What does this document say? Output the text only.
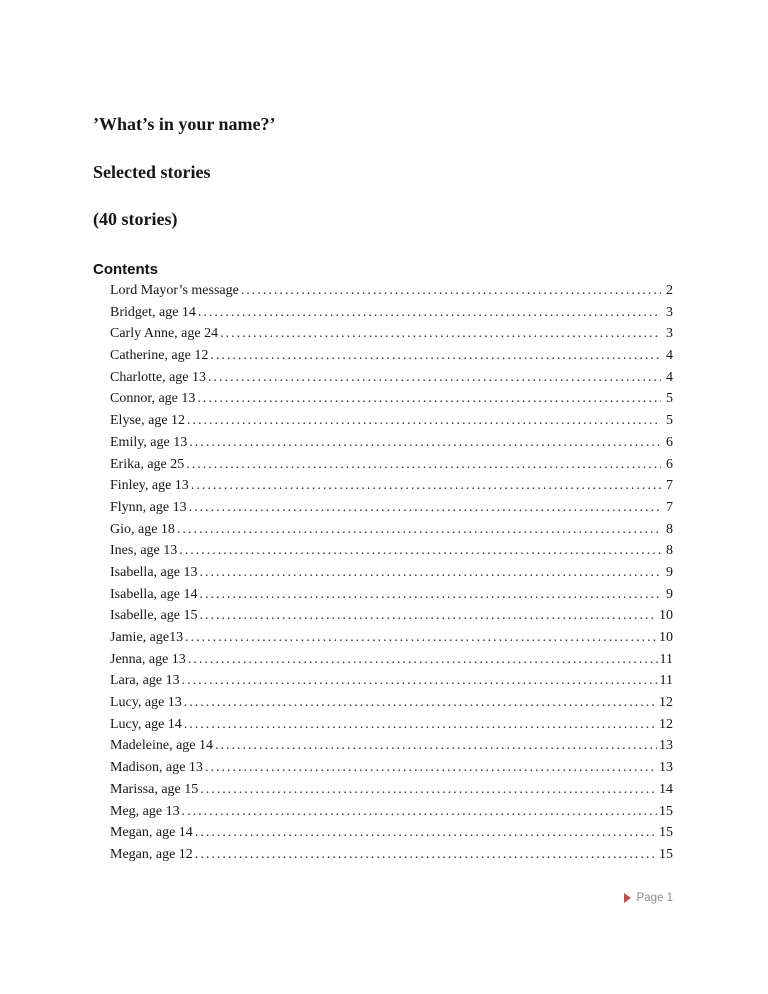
’What’s in your name?’
Selected stories
(40 stories)
Contents
Lord Mayor’s message .....	2
Bridget, age 14 .....	3
Carly Anne, age 24 .....	3
Catherine, age 12 .....	4
Charlotte, age 13 .....	4
Connor, age 13 .....	5
Elyse, age 12 .....	5
Emily, age 13 .....	6
Erika, age 25 .....	6
Finley, age 13 .....	7
Flynn, age 13 .....	7
Gio, age 18 .....	8
Ines, age 13 .....	8
Isabella, age 13 .....	9
Isabella, age 14 .....	9
Isabelle, age 15 .....	10
Jamie, age13 .....	10
Jenna, age 13 .....	11
Lara, age 13 .....	11
Lucy, age 13 .....	12
Lucy, age 14 .....	12
Madeleine, age 14 .....	13
Madison, age 13 .....	13
Marissa, age 15 .....	14
Meg, age 13 .....	15
Megan, age 14 .....	15
Megan, age 12 .....	15
Page 1
